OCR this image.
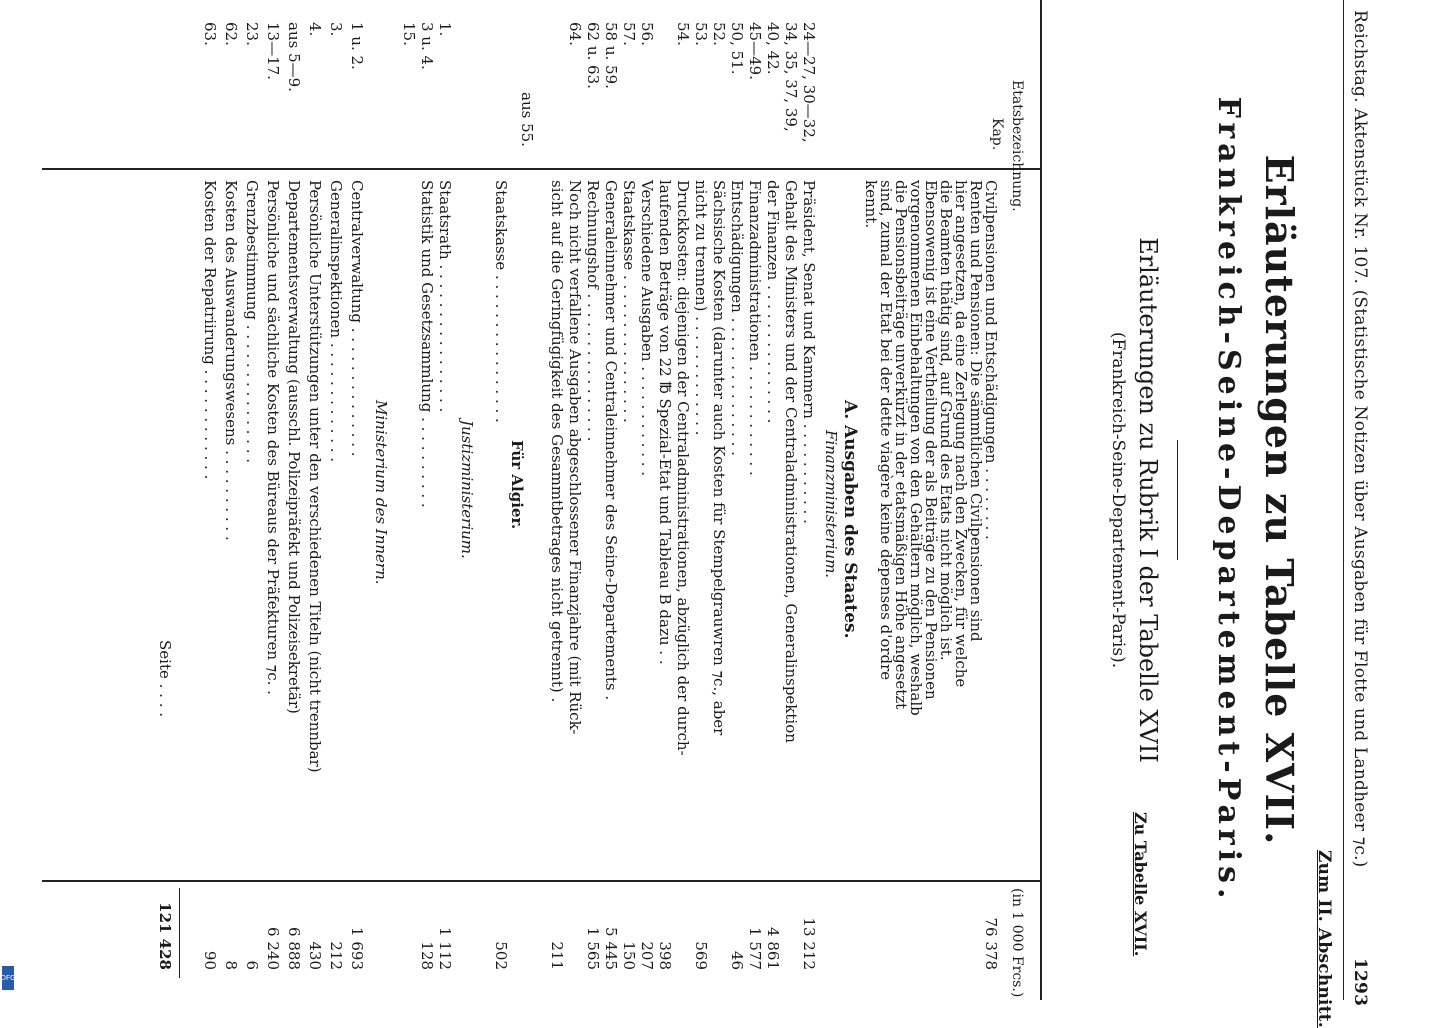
Reichstag. Aktenstück Nr. 107. (Statistische Notizen über Ausgaben für Flotte und Landheer ⁊c.)
1293
Zum II. Abschnitt.
Erläuterungen zu Tabelle XVII.
Frankreich-Seine-Departement-Paris.
Erläuterungen zu Rubrik I der Tabelle XVII
(Frankreich-Seine-Departement-Paris).
Zu Tabelle XVII.
Etatsbezeichnung.
Kap.
(in 1 000 Frcs.)
A. Ausgaben des Staates.
Finanzministerium.
aus 55.
Für Algier.
Staatskasse . . . . . . . . . . . . . . . .
502
Justizministerium.
Ministerium des Innern.
Seite . . . .
121 428
Civilpensionen und Entschädigungen . . . . . . . .
76 378
Renten und Pensionen: Die sämmtlichen Civilpensionen sind
hier angesetzen, da eine Zerlegung nach den Zwecken, für welche
die Beamten thätig sind, auf Grund des Etats nicht möglich ist.
Ebensowenig ist eine Vertheilung der als Beiträge zu den Pensionen
vorgenommenen Einbehaltungen von den Gehältern möglich, weshalb
die Pensionsbeiträge unverkürzt in der etatsmäßigen Höhe angesetzt
sind, zumal der Etat bei der dette viagère keine dépenses d'ordre
kennt.
24—27, 30—32,
Präsident, Senat und Kammern . . . . . . . . . . .
13 212
34, 35, 37, 39,
Gehalt des Ministers und der Centraladministrationen, Generalinspektion
40, 42.
der Finanzen . . . . . . . . . . . . . . .
4 861
45—49.
Finanzadministrationen . . . . . . . . . . . .
1 577
50, 51.
Entschädigungen . . . . . . . . . . . . . . .
46
52.
Sächsische Kosten (darunter auch Kosten für Stempelgrauwren ⁊c., aber
53.
nicht zu trennen) . . . . . . . . . . . . .
569
54.
Druckkosten: diejenigen der Centraladministrationen, abzüglich der durch-
laufenden Beträge von 22 ℔ Spezial-Etat und Tableau B dazu . .
398
56.
Verschiedene Ausgaben . . . . . . . . . . . .
207
57.
Staatskasse . . . . . . . . . . . . . . . .
150
58 u. 59.
Generaleinnehmer und Centraleinnehmer des Seine-Departements .
5 445
62 u. 63.
Rechnungshof . . . . . . . . . . . . . . . .
1 565
64.
Noch nicht verfallene Ausgaben abgeschlossener Finanzjahre (mit Rück-
sicht auf die Geringfügigkeit des Gesammtbetrages nicht getrennt) .
211
1.
Staatsrath . . . . . . . . . . . . . . . .
1 112
3 u. 4.
Statistik und Gesetzsammlung . . . . . . . . . .
128
15.
1 u. 2.
Centralverwaltung . . . . . . . . . . . . . .
1 693
3.
Generalinspektionen . . . . . . . . . . . . .
212
4.
Persönliche Unterstützungen unter den verschiedenen Titeln (nicht trennbar)
430
aus 5—9.
Departementsverwaltung (ausschl. Polizeipräfekt und Polizeisekretär)
6 888
13—17.
Persönliche und sächliche Kosten des Büreaus der Präfekturen ⁊c. .
6 240
23.
Grenzbestimmung . . . . . . . . . . . . . . .
6
62.
Kosten des Auswanderungswesens . . . . . . . . . .
8
63.
Kosten der Repatriirung . . . . . . . . . . . .
90
DFG
